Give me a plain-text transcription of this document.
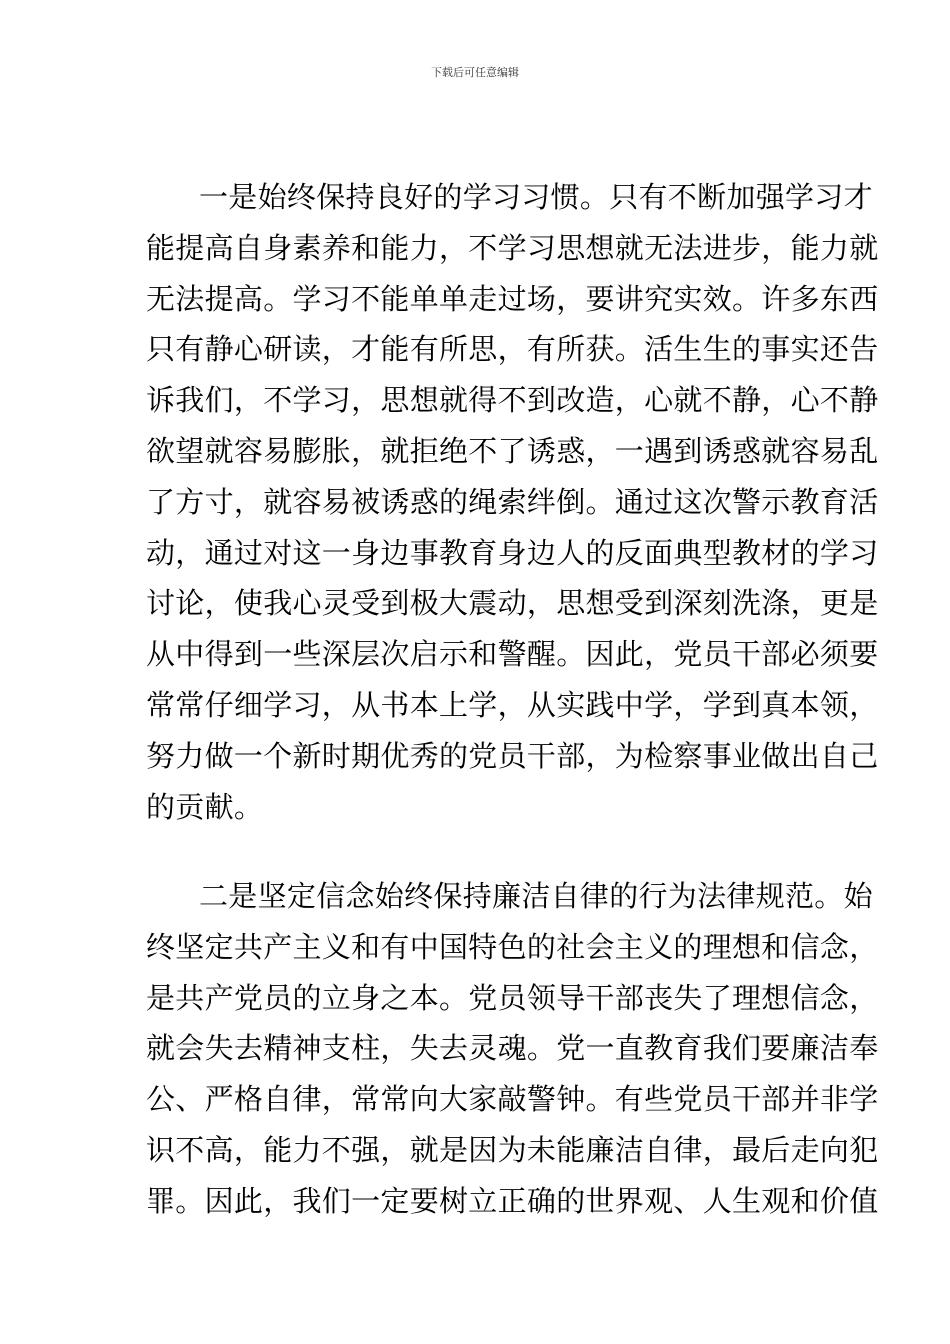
下载后可任意编辑
一是始终保持良好的学习习惯。只有不断加强学习才
能提高自身素养和能力，不学习思想就无法进步，能力就
无法提高。学习不能单单走过场，要讲究实效。许多东西
只有静心研读，才能有所思，有所获。活生生的事实还告
诉我们，不学习，思想就得不到改造，心就不静，心不静
欲望就容易膨胀，就拒绝不了诱惑，一遇到诱惑就容易乱
了方寸，就容易被诱惑的绳索绊倒。通过这次警示教育活
动，通过对这一身边事教育身边人的反面典型教材的学习
讨论，使我心灵受到极大震动，思想受到深刻洗涤，更是
从中得到一些深层次启示和警醒。因此，党员干部必须要
常常仔细学习，从书本上学，从实践中学，学到真本领，
努力做一个新时期优秀的党员干部，为检察事业做出自己
的贡献。
二是坚定信念始终保持廉洁自律的行为法律规范。始
终坚定共产主义和有中国特色的社会主义的理想和信念，
是共产党员的立身之本。党员领导干部丧失了理想信念，
就会失去精神支柱，失去灵魂。党一直教育我们要廉洁奉
公、严格自律，常常向大家敲警钟。有些党员干部并非学
识不高，能力不强，就是因为未能廉洁自律，最后走向犯
罪。因此，我们一定要树立正确的世界观、人生观和价值
